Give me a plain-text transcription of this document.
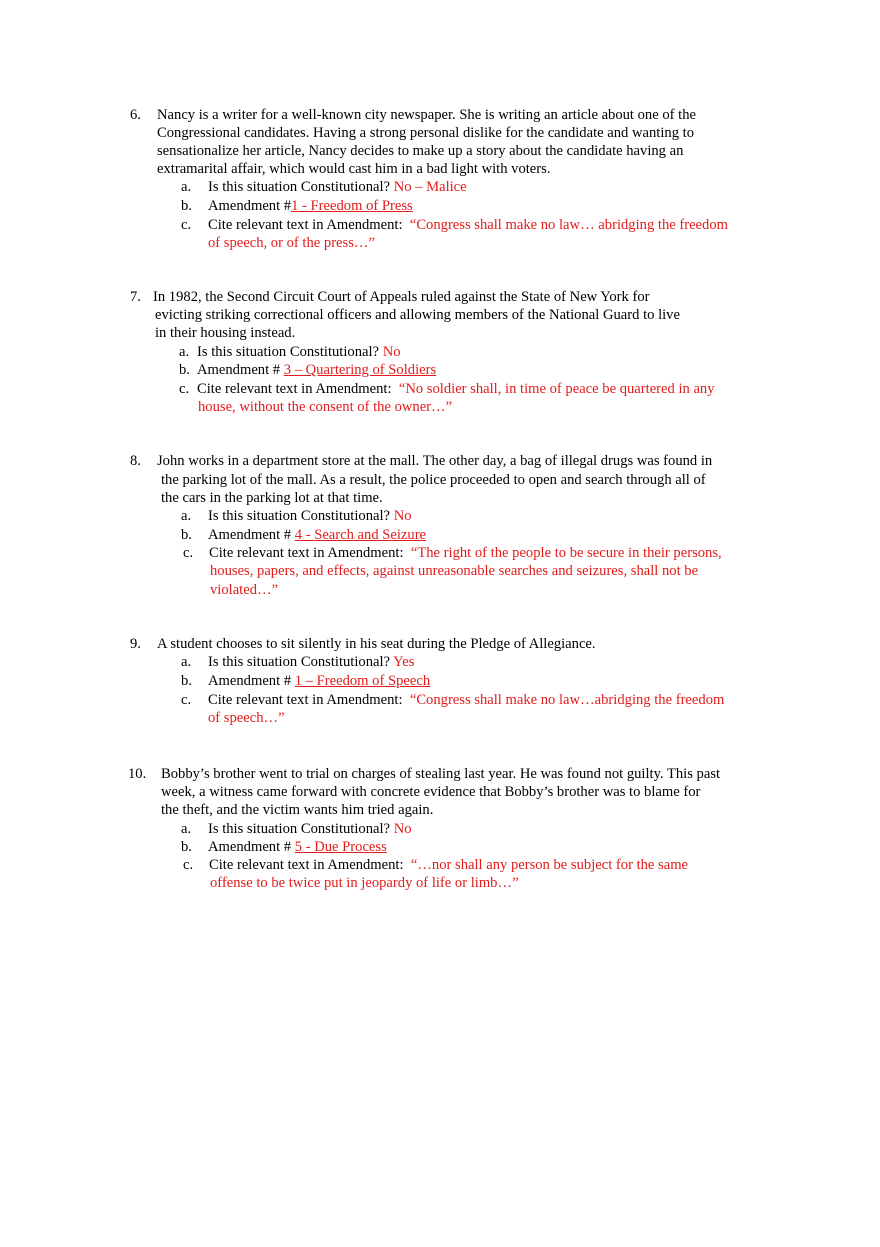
6. Nancy is a writer for a well-known city newspaper. She is writing an article about one of the
Congressional candidates. Having a strong personal dislike for the candidate and wanting to
sensationalize her article, Nancy decides to make up a story about the candidate having an
extramarital affair, which would cast him in a bad light with voters.
a. Is this situation Constitutional? No – Malice
b. Amendment #1 - Freedom of Press
c. Cite relevant text in Amendment: “Congress shall make no law… abridging the freedom
of speech, or of the press…”
7. In 1982, the Second Circuit Court of Appeals ruled against the State of New York for
evicting striking correctional officers and allowing members of the National Guard to live
in their housing instead.
a. Is this situation Constitutional? No
b. Amendment # 3 – Quartering of Soldiers
c. Cite relevant text in Amendment: “No soldier shall, in time of peace be quartered in any
house, without the consent of the owner…”
8. John works in a department store at the mall. The other day, a bag of illegal drugs was found in
the parking lot of the mall. As a result, the police proceeded to open and search through all of
the cars in the parking lot at that time.
a. Is this situation Constitutional? No
b. Amendment # 4 - Search and Seizure
c. Cite relevant text in Amendment: “The right of the people to be secure in their persons,
houses, papers, and effects, against unreasonable searches and seizures, shall not be
violated…”
9. A student chooses to sit silently in his seat during the Pledge of Allegiance.
a. Is this situation Constitutional? Yes
b. Amendment # 1 – Freedom of Speech
c. Cite relevant text in Amendment: “Congress shall make no law…abridging the freedom
of speech…”
10. Bobby’s brother went to trial on charges of stealing last year. He was found not guilty. This past
week, a witness came forward with concrete evidence that Bobby’s brother was to blame for
the theft, and the victim wants him tried again.
a. Is this situation Constitutional? No
b. Amendment # 5 - Due Process
c. Cite relevant text in Amendment: “…nor shall any person be subject for the same
offense to be twice put in jeopardy of life or limb…”
